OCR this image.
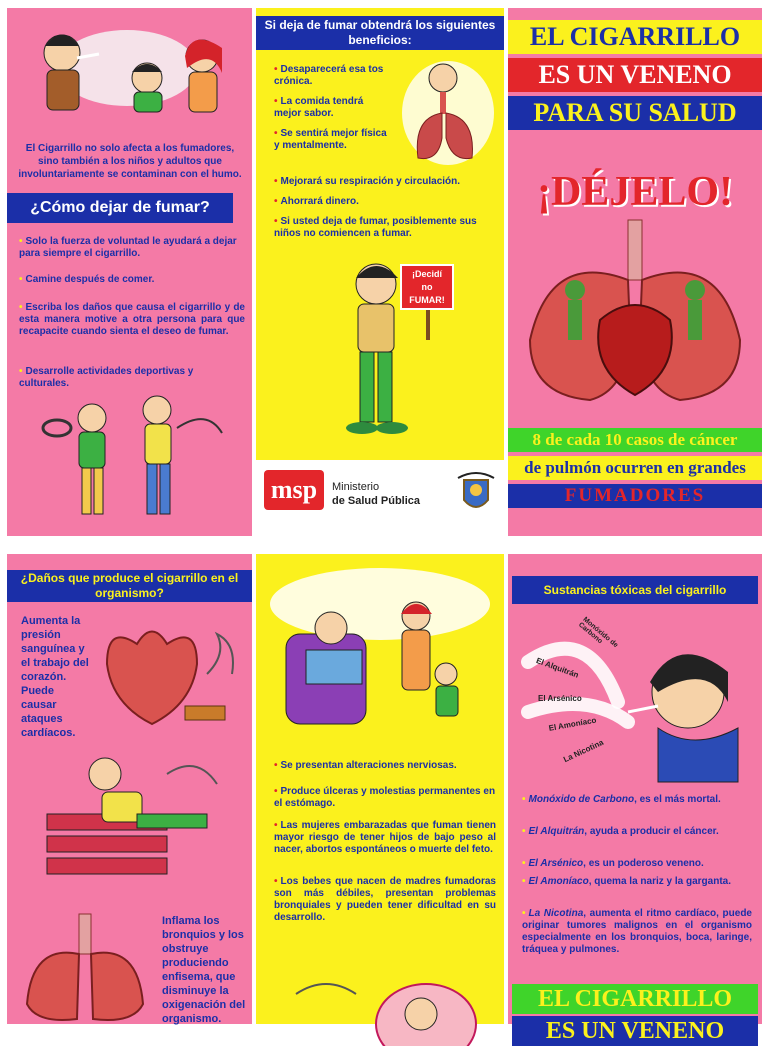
El Cigarrillo no solo afecta a los fumadores, sino también a los niños y adultos que involuntariamente se contaminan con el humo.
¿Cómo dejar de fumar?
• Solo la fuerza de voluntad le ayudará a dejar para siempre el cigarrillo.
• Camine después de comer.
• Escriba los daños que causa el cigarrillo y de esta manera motive a otra persona para que recapacite cuando sienta el deseo de fumar.
• Desarrolle actividades deportivas y culturales.
Si deja de fumar obtendrá los siguientes beneficios:
• Desaparecerá esa tos crónica.
• La comida tendrá mejor sabor.
• Se sentirá mejor física y mentalmente.
• Mejorará su respiración y circulación.
• Ahorrará dinero.
• Si usted deja de fumar, posiblemente sus niños no comiencen a fumar.
¡Decidí
no
FUMAR!
msp	Ministerio
de Salud Pública
EL CIGARRILLO
ES UN VENENO
PARA SU SALUD
¡DÉJELO!
8 de cada 10 casos de cáncer
de pulmón ocurren en grandes
FUMADORES
¿Daños que produce el cigarrillo en el organismo?
Aumenta la presión sanguínea y el trabajo del corazón. Puede causar ataques cardíacos.
Inflama los bronquios y los obstruye produciendo enfisema, que disminuye la oxigenación del organismo.
• Se presentan alteraciones nerviosas.
• Produce úlceras y molestias permanentes en el estómago.
• Las mujeres embarazadas que fuman tienen mayor riesgo de tener hijos de bajo peso al nacer, abortos espontáneos o muerte del feto.
• Los bebes que nacen de madres fumadoras son más débiles, presentan problemas bronquiales y pueden tener dificultad en su desarrollo.
Sustancias tóxicas del cigarrillo
Monóxido de Carbono
El Alquitrán
El Arsénico
El Amoníaco
La Nicotina
• Monóxido de Carbono, es el más mortal.
• El Alquitrán, ayuda a producir el cáncer.
• El Arsénico, es un poderoso veneno.
• El Amoníaco, quema la nariz y la garganta.
• La Nicotina, aumenta el ritmo cardíaco, puede originar tumores malignos en el organismo especialmente en los bronquios, boca, laringe, tráquea y pulmones.
EL CIGARRILLO
ES UN VENENO
